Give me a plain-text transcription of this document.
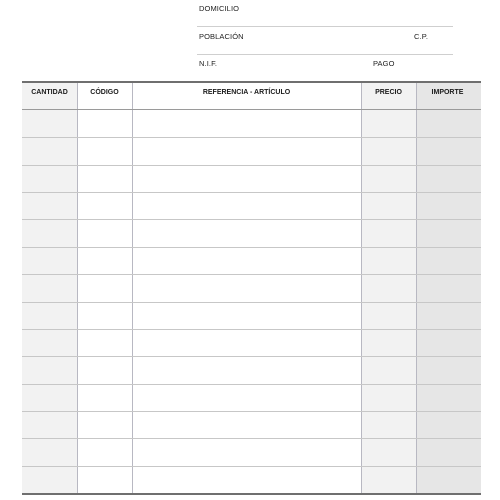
DOMICILIO
POBLACIÓN	C.P.
N.I.F.	PAGO
CANTIDAD	CÓDIGO	REFERENCIA - ARTÍCULO	PRECIO	IMPORTE
